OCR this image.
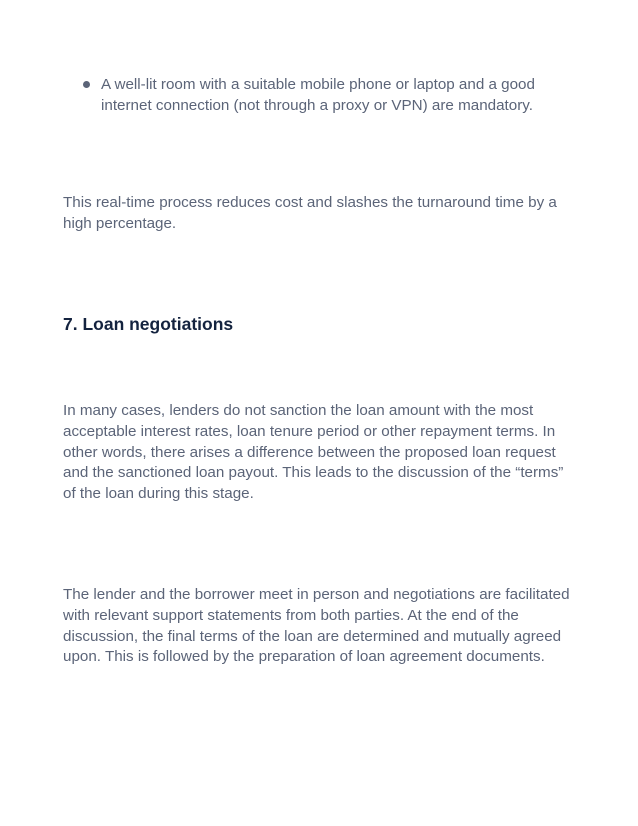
A well-lit room with a suitable mobile phone or laptop and a good internet connection (not through a proxy or VPN) are mandatory.

This real-time process reduces cost and slashes the turnaround time by a high percentage.

7. Loan negotiations

In many cases, lenders do not sanction the loan amount with the most acceptable interest rates, loan tenure period or other repayment terms. In other words, there arises a difference between the proposed loan request and the sanctioned loan payout. This leads to the discussion of the “terms” of the loan during this stage.

The lender and the borrower meet in person and negotiations are facilitated with relevant support statements from both parties. At the end of the discussion, the final terms of the loan are determined and mutually agreed upon. This is followed by the preparation of loan agreement documents.
